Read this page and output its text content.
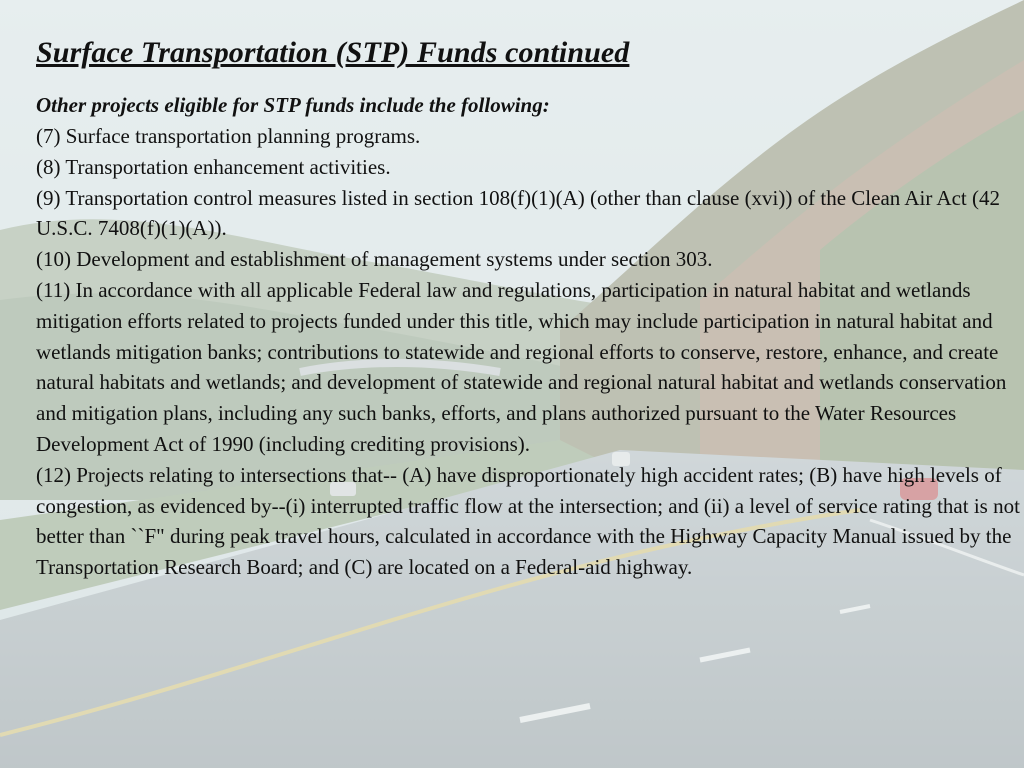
Surface Transportation (STP) Funds continued

Other projects eligible for STP funds include the following:

(7) Surface transportation planning programs.

(8) Transportation enhancement activities.

(9) Transportation control measures listed in section 108(f)(1)(A) (other than clause (xvi)) of the Clean Air Act (42 U.S.C. 7408(f)(1)(A)).

(10) Development and establishment of management systems under section 303.

(11) In accordance with all applicable Federal law and regulations, participation in natural habitat and wetlands mitigation efforts related to projects funded under this title, which may include participation in natural habitat and wetlands mitigation banks; contributions to statewide and regional efforts to conserve, restore, enhance, and create natural habitats and wetlands; and development of statewide and regional natural habitat and wetlands conservation and mitigation plans, including any such banks, efforts, and plans authorized pursuant to the Water Resources Development Act of 1990 (including crediting provisions).

(12) Projects relating to intersections that-- (A) have disproportionately high accident rates; (B) have high levels of congestion, as evidenced by--(i) interrupted traffic flow at the intersection; and (ii) a level of service rating that is not better than ``F" during peak travel hours, calculated in accordance with the Highway Capacity Manual issued by the Transportation Research Board; and (C) are located on a Federal-aid highway.
